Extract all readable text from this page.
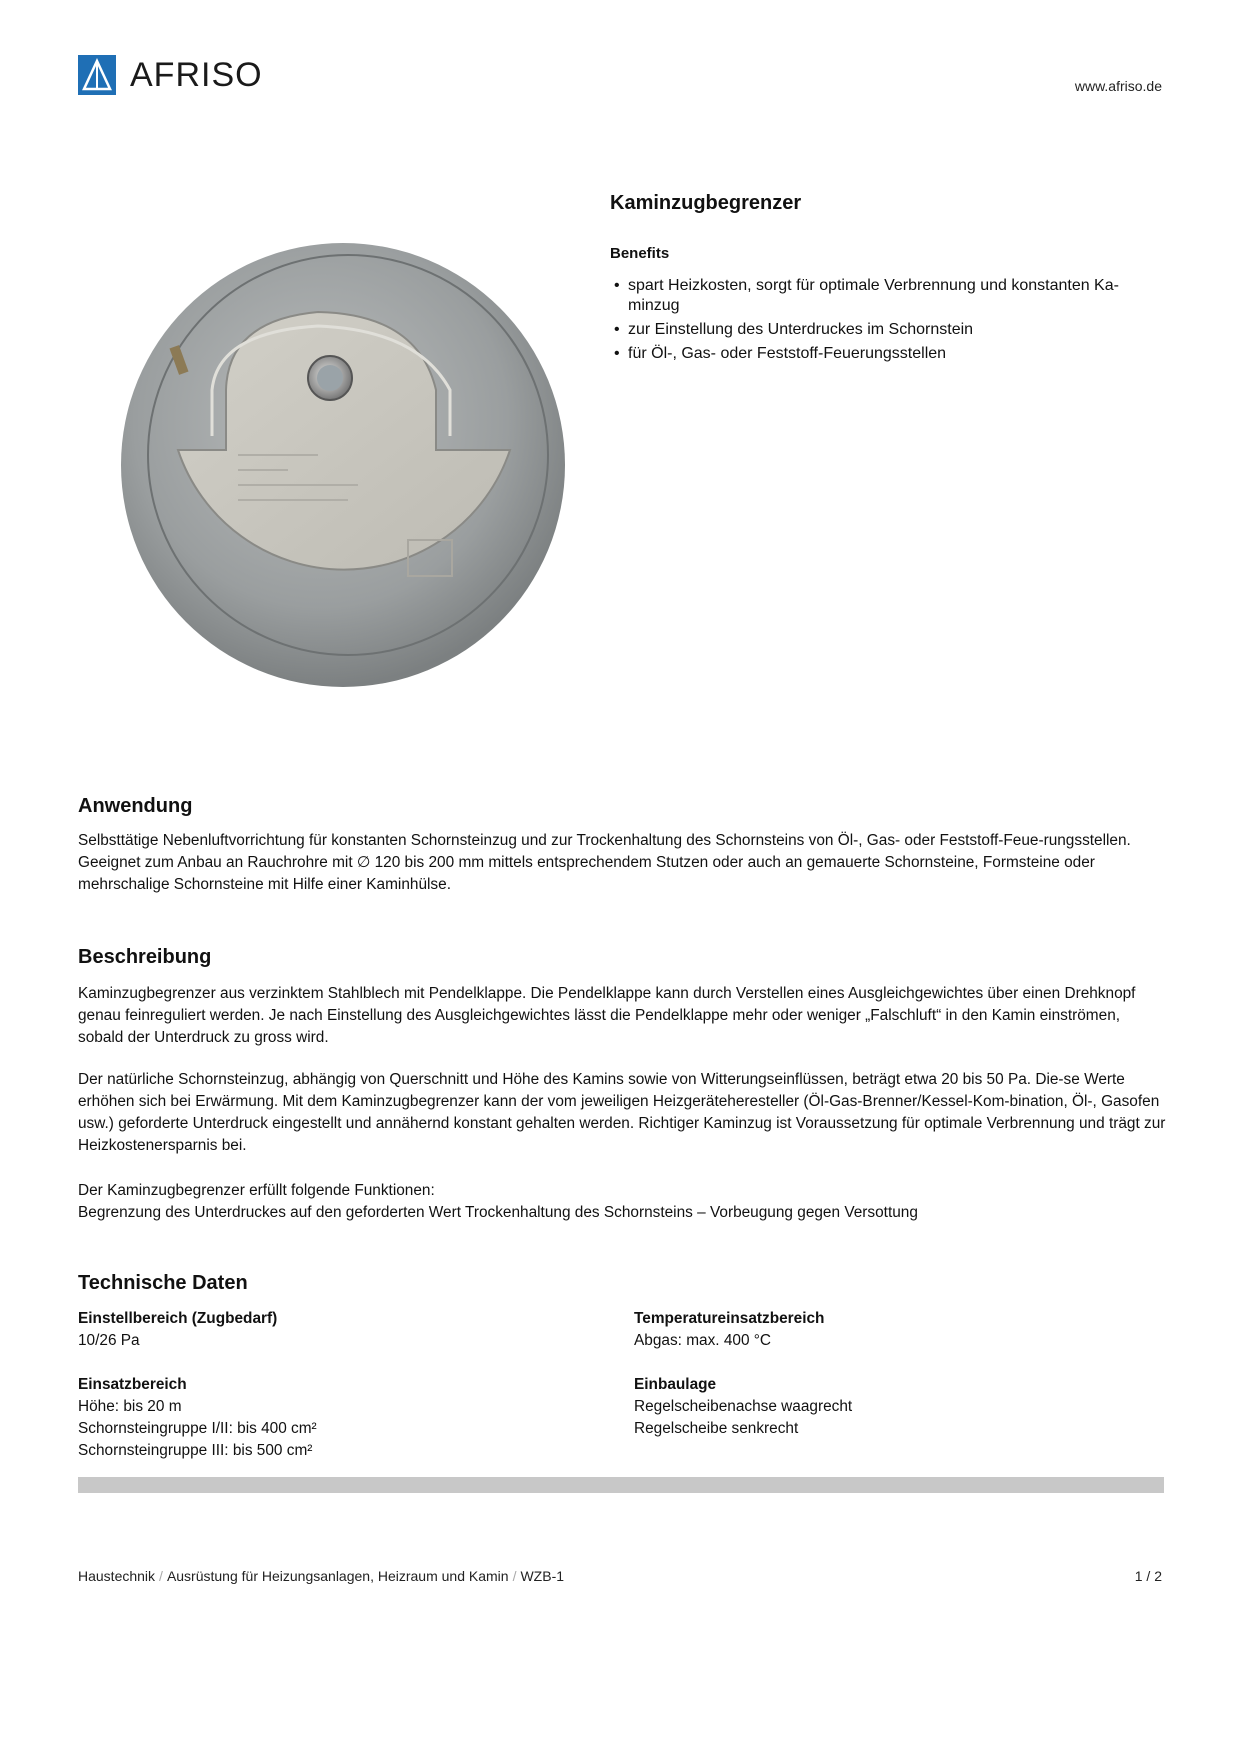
AFRISO	www.afriso.de
Kaminzugbegrenzer
Benefits
• spart Heizkosten, sorgt für optimale Verbrennung und konstanten Ka-minzug
• zur Einstellung des Unterdruckes im Schornstein
• für Öl-, Gas- oder Feststoff-Feuerungsstellen
Anwendung

Selbsttätige Nebenluftvorrichtung für konstanten Schornsteinzug und zur Trockenhaltung des Schornsteins von Öl-, Gas- oder Feststoff-Feue-rungsstellen. Geeignet zum Anbau an Rauchrohre mit ∅ 120 bis 200 mm mittels entsprechendem Stutzen oder auch an gemauerte Schornsteine, Formsteine oder mehrschalige Schornsteine mit Hilfe einer Kaminhülse.

Beschreibung

Kaminzugbegrenzer aus verzinktem Stahlblech mit Pendelklappe. Die Pendelklappe kann durch Verstellen eines Ausgleichgewichtes über einen Drehknopf genau feinreguliert werden. Je nach Einstellung des Ausgleichgewichtes lässt die Pendelklappe mehr oder weniger „Falschluft“ in den Kamin einströmen, sobald der Unterdruck zu gross wird.

Der natürliche Schornsteinzug, abhängig von Querschnitt und Höhe des Kamins sowie von Witterungseinflüssen, beträgt etwa 20 bis 50 Pa. Die-se Werte erhöhen sich bei Erwärmung. Mit dem Kaminzugbegrenzer kann der vom jeweiligen Heizgeräteheresteller (Öl-Gas-Brenner/Kessel-Kom-bination, Öl-, Gasofen usw.) geforderte Unterdruck eingestellt und annähernd konstant gehalten werden. Richtiger Kaminzug ist Voraussetzung für optimale Verbrennung und trägt zur Heizkostenersparnis bei.

Der Kaminzugbegrenzer erfüllt folgende Funktionen:
Begrenzung des Unterdruckes auf den geforderten Wert Trockenhaltung des Schornsteins – Vorbeugung gegen Versottung
Technische Daten
Einstellbereich (Zugbedarf)
10/26 Pa
Einsatzbereich
Höhe: bis 20 m
Schornsteingruppe I/II: bis 400 cm²
Schornsteingruppe III: bis 500 cm²
Temperatureinsatzbereich
Abgas: max. 400 °C
Einbaulage
Regelscheibenachse waagrecht
Regelscheibe senkrecht
Haustechnik / Ausrüstung für Heizungsanlagen, Heizraum und Kamin / WZB-1	1 / 2
